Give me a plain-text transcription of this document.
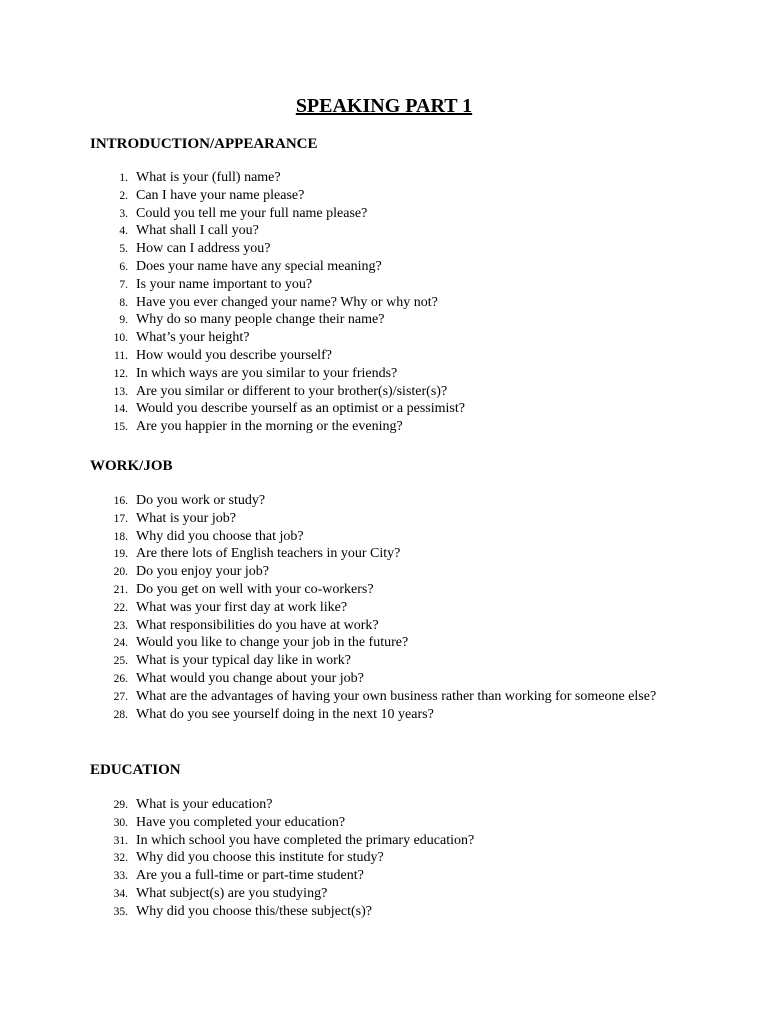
SPEAKING PART 1
INTRODUCTION/APPEARANCE
1. What is your (full) name?
2. Can I have your name please?
3. Could you tell me your full name please?
4. What shall I call you?
5. How can I address you?
6. Does your name have any special meaning?
7. Is your name important to you?
8. Have you ever changed your name? Why or why not?
9. Why do so many people change their name?
10. What’s your height?
11. How would you describe yourself?
12. In which ways are you similar to your friends?
13. Are you similar or different to your brother(s)/sister(s)?
14. Would you describe yourself as an optimist or a pessimist?
15. Are you happier in the morning or the evening?
WORK/JOB
16. Do you work or study?
17. What is your job?
18. Why did you choose that job?
19. Are there lots of English teachers in your City?
20. Do you enjoy your job?
21. Do you get on well with your co-workers?
22. What was your first day at work like?
23. What responsibilities do you have at work?
24. Would you like to change your job in the future?
25. What is your typical day like in work?
26. What would you change about your job?
27. What are the advantages of having your own business rather than working for someone else?
28. What do you see yourself doing in the next 10 years?
EDUCATION
29. What is your education?
30. Have you completed your education?
31. In which school you have completed the primary education?
32. Why did you choose this institute for study?
33. Are you a full-time or part-time student?
34. What subject(s) are you studying?
35. Why did you choose this/these subject(s)?
